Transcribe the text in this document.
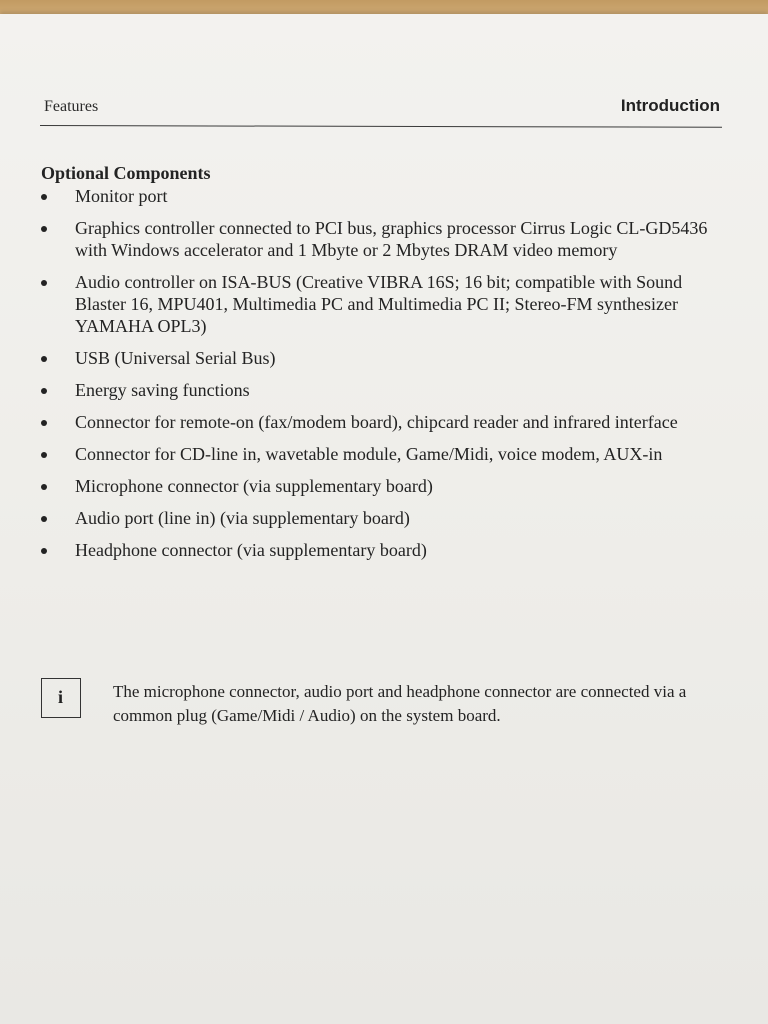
Features	Introduction
Optional Components
Monitor port
Graphics controller connected to PCI bus, graphics processor Cirrus Logic CL-GD5436 with Windows accelerator and 1 Mbyte or 2 Mbytes DRAM video memory
Audio controller on ISA-BUS (Creative VIBRA 16S; 16 bit; compatible with Sound Blaster 16, MPU401, Multimedia PC and Multimedia PC II; Stereo-FM synthesizer YAMAHA OPL3)
USB (Universal Serial Bus)
Energy saving functions
Connector for remote-on (fax/modem board), chipcard reader and infrared interface
Connector for CD-line in, wavetable module, Game/Midi, voice modem, AUX-in
Microphone connector (via supplementary board)
Audio port (line in) (via supplementary board)
Headphone connector (via supplementary board)
i	The microphone connector, audio port and headphone connector are connected via a common plug (Game/Midi / Audio) on the system board.
